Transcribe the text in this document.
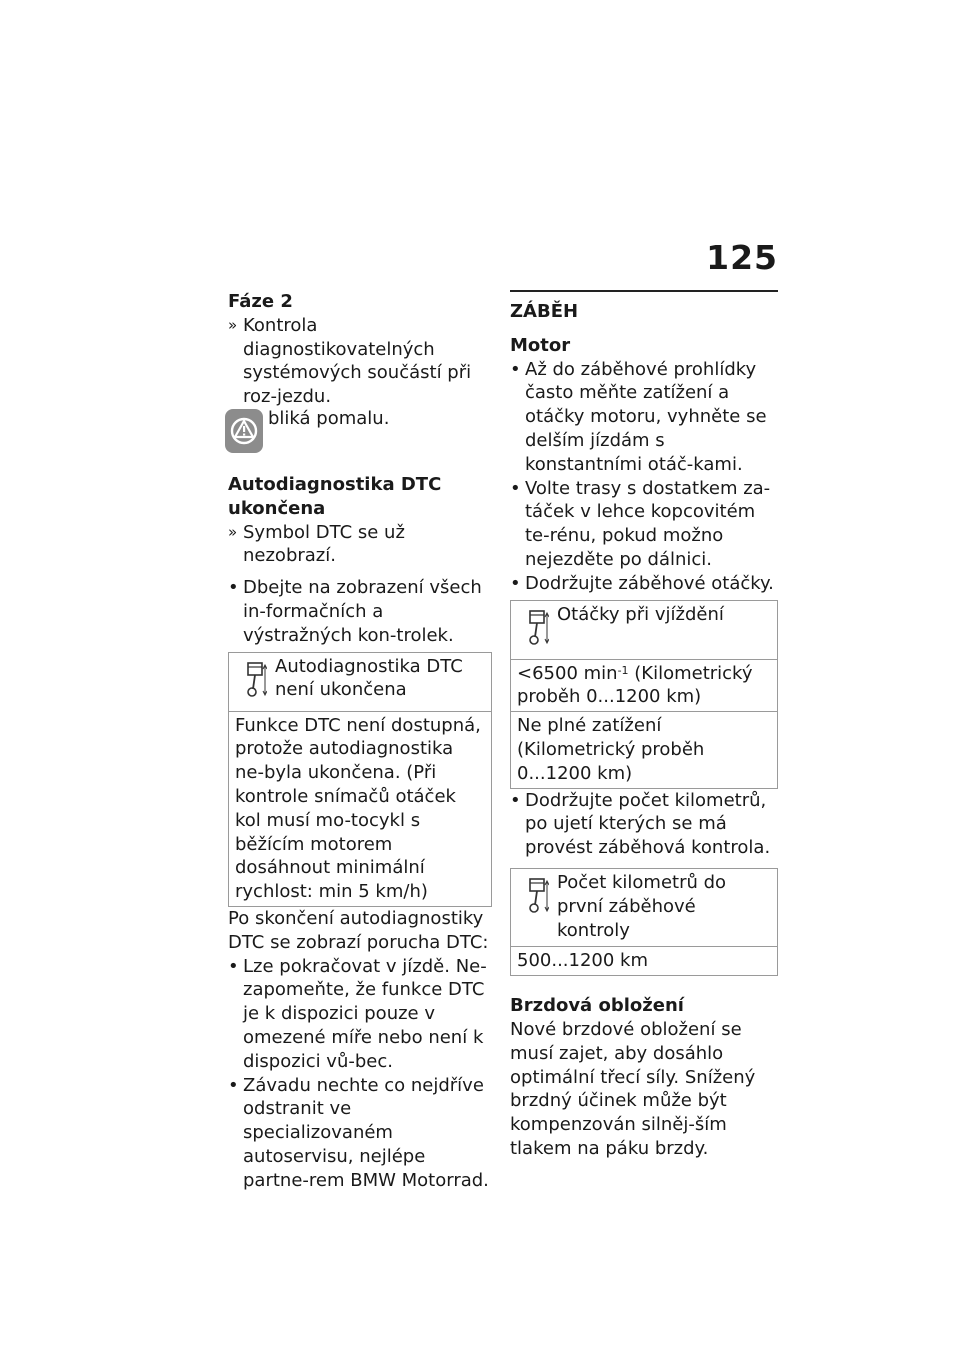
125

Fáze 2

» Kontrola diagnostikovatelných systémových součástí při roz-jezdu.
bliká pomalu.

Autodiagnostika DTC ukončena

» Symbol DTC se už nezobrazí.
• Dbejte na zobrazení všech in-formačních a výstražných kon-trolek.
Autodiagnostika DTC není ukončena
Funkce DTC není dostupná, protože autodiagnostika ne-byla ukončena. (Při kontrole snímačů otáček kol musí mo-tocykl s běžícím motorem dosáhnout minimální rychlost: min 5 km/h)
Po skončení autodiagnostiky DTC se zobrazí porucha DTC:
• Lze pokračovat v jízdě. Ne-zapomeňte, že funkce DTC je k dispozici pouze v omezené míře nebo není k dispozici vů-bec.
• Závadu nechte co nejdříve odstranit ve specializovaném autoservisu, nejlépe partne-rem BMW Motorrad.

ZÁBĚH

Motor

• Až do záběhové prohlídky často měňte zatížení a otáčky motoru, vyhněte se delším jízdám s konstantními otáč-kami.
• Volte trasy s dostatkem za-táček v lehce kopcovitém te-rénu, pokud možno nejezděte po dálnici.
• Dodržujte záběhové otáčky.
Otáčky při vjíždění
<6500 $\min^{-1}$ (Kilometrický proběh 0...1200 km)
Ne plné zatížení (Kilometrický proběh 0...1200 km)
• Dodržujte počet kilometrů, po ujetí kterých se má provést záběhová kontrola.
Počet kilometrů do první záběhové kontroly
500...1200 km

Brzdová obložení

Nové brzdové obložení se musí zajet, aby dosáhlo optimální třecí síly. Snížený brzdný účinek může být kompenzován silněj-ším tlakem na páku brzdy.
